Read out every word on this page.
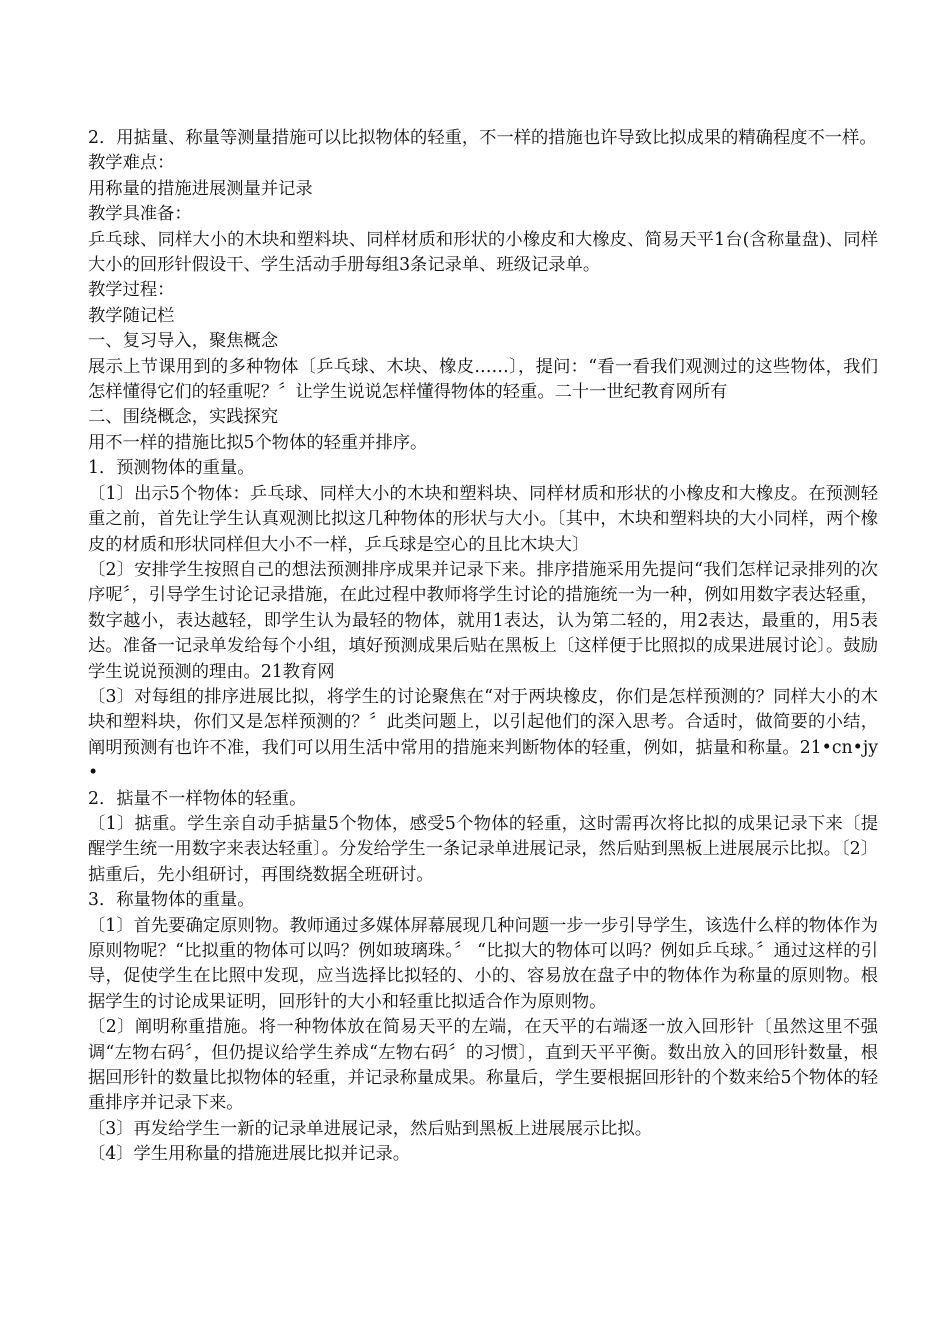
2．用掂量、称量等测量措施可以比拟物体的轻重，不一样的措施也许导致比拟成果的精确程度不一样。

教学难点：

用称量的措施进展测量并记录

教学具准备：

乒乓球、同样大小的木块和塑料块、同样材质和形状的小橡皮和大橡皮、简易天平1台(含称量盘)、同样大小的回形针假设干、学生活动手册每组3条记录单、班级记录单。

教学过程：

教学随记栏

一、复习导入，聚焦概念

展示上节课用到的多种物体〔乒乓球、木块、橡皮……〕，提问：“看一看我们观测过的这些物体，我们怎样懂得它们的轻重呢？〞让学生说说怎样懂得物体的轻重。二十一世纪教育网所有

二、围绕概念，实践探究

用不一样的措施比拟5个物体的轻重并排序。

1．预测物体的重量。

〔1〕出示5个物体：乒乓球、同样大小的木块和塑料块、同样材质和形状的小橡皮和大橡皮。在预测轻重之前，首先让学生认真观测比拟这几种物体的形状与大小。〔其中，木块和塑料块的大小同样，两个橡皮的材质和形状同样但大小不一样，乒乓球是空心的且比木块大〕

〔2〕安排学生按照自己的想法预测排序成果并记录下来。排序措施采用先提问“我们怎样记录排列的次序呢〞，引导学生讨论记录措施，在此过程中教师将学生讨论的措施统一为一种，例如用数字表达轻重，数字越小，表达越轻，即学生认为最轻的物体，就用1表达，认为第二轻的，用2表达，最重的，用5表达。准备一记录单发给每个小组，填好预测成果后贴在黑板上〔这样便于比照拟的成果进展讨论〕。鼓励学生说说预测的理由。21教育网

〔3〕对每组的排序进展比拟，将学生的讨论聚焦在“对于两块橡皮，你们是怎样预测的？同样大小的木块和塑料块，你们又是怎样预测的？〞此类问题上，以引起他们的深入思考。合适时，做简要的小结，阐明预测有也许不准，我们可以用生活中常用的措施来判断物体的轻重，例如，掂量和称量。21•cn•jy•

2．掂量不一样物体的轻重。

〔1〕掂重。学生亲自动手掂量5个物体，感受5个物体的轻重，这时需再次将比拟的成果记录下来〔提醒学生统一用数字来表达轻重〕。分发给学生一条记录单进展记录，然后贴到黑板上进展展示比拟。〔2〕掂重后，先小组研讨，再围绕数据全班研讨。

3．称量物体的重量。

〔1〕首先要确定原则物。教师通过多媒体屏幕展现几种问题一步一步引导学生，该选什么样的物体作为原则物呢？“比拟重的物体可以吗？例如玻璃珠。〞 “比拟大的物体可以吗？例如乒乓球。〞通过这样的引导，促使学生在比照中发现，应当选择比拟轻的、小的、容易放在盘子中的物体作为称量的原则物。根据学生的讨论成果证明，回形针的大小和轻重比拟适合作为原则物。

〔2〕阐明称重措施。将一种物体放在简易天平的左端，在天平的右端逐一放入回形针〔虽然这里不强调“左物右码〞，但仍提议给学生养成“左物右码〞的习惯〕，直到天平平衡。数出放入的回形针数量，根据回形针的数量比拟物体的轻重，并记录称量成果。称量后，学生要根据回形针的个数来给5个物体的轻重排序并记录下来。

〔3〕再发给学生一新的记录单进展记录，然后贴到黑板上进展展示比拟。

〔4〕学生用称量的措施进展比拟并记录。
